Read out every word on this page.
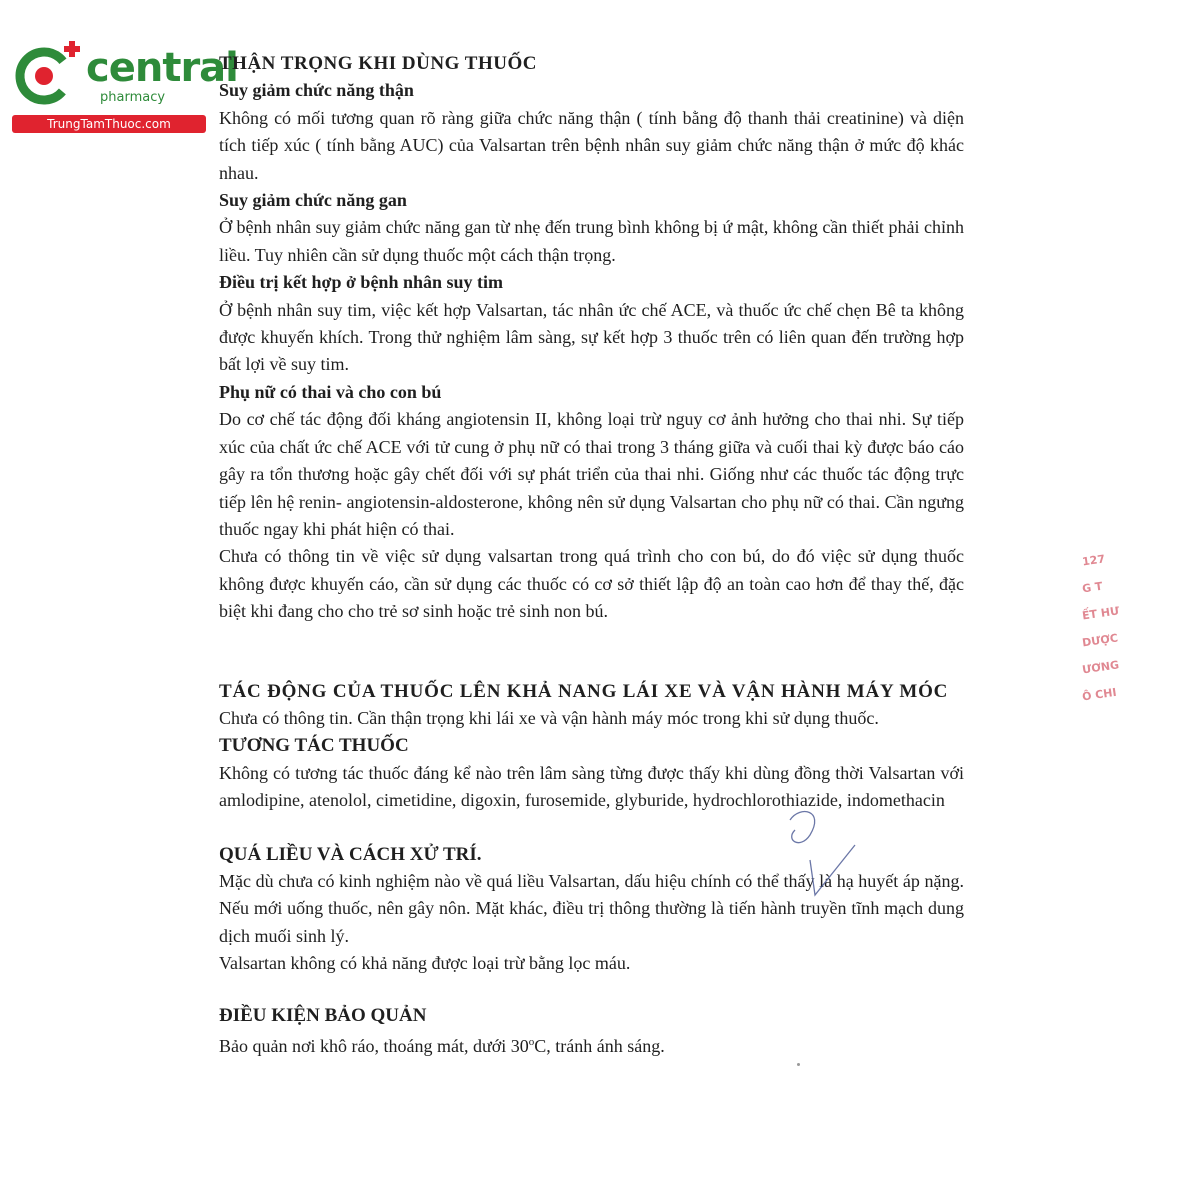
central
pharmacy
TrungTamThuoc.com

THẬN TRỌNG KHI DÙNG THUỐC

Suy giảm chức năng thận

Không có mối tương quan rõ ràng giữa chức năng thận ( tính bằng độ thanh thải creatinine) và diện tích tiếp xúc ( tính bằng AUC) của Valsartan trên bệnh nhân suy giảm chức năng thận ở mức độ khác nhau.

Suy giảm chức năng gan

Ở bệnh nhân suy giảm chức năng gan từ nhẹ đến trung bình không bị ứ mật, không cần thiết phải chỉnh liều. Tuy nhiên cần sử dụng thuốc một cách thận trọng.

Điều trị kết hợp ở bệnh nhân suy tim

Ở bệnh nhân suy tim, việc kết hợp Valsartan, tác nhân ức chế ACE, và thuốc ức chế chẹn Bê ta không được khuyến khích. Trong thử nghiệm lâm sàng, sự kết hợp 3 thuốc trên có liên quan đến trường hợp bất lợi về suy tim.

Phụ nữ có thai và cho con bú

Do cơ chế tác động đối kháng angiotensin II, không loại trừ nguy cơ ảnh hưởng cho thai nhi. Sự tiếp xúc của chất ức chế ACE với tử cung ở phụ nữ có thai trong 3 tháng giữa và cuối thai kỳ được báo cáo gây ra tổn thương hoặc gây chết đối với sự phát triển của thai nhi. Giống như các thuốc tác động trực tiếp lên hệ renin- angiotensin-aldosterone, không nên sử dụng Valsartan cho phụ nữ có thai. Cần ngưng thuốc ngay khi phát hiện có thai.

Chưa có thông tin về việc sử dụng valsartan trong quá trình cho con bú, do đó việc sử dụng thuốc không được khuyến cáo, cần sử dụng các thuốc có cơ sở thiết lập độ an toàn cao hơn để thay thế, đặc biệt khi đang cho cho trẻ sơ sinh hoặc trẻ sinh non bú.

TÁC ĐỘNG CỦA THUỐC LÊN KHẢ NANG LÁI XE VÀ VẬN HÀNH MÁY MÓC

Chưa có thông tin. Cần thận trọng khi lái xe và vận hành máy móc trong khi sử dụng thuốc.

TƯƠNG TÁC THUỐC

Không có tương tác thuốc đáng kể nào trên lâm sàng từng được thấy khi dùng đồng thời Valsartan với amlodipine, atenolol, cimetidine, digoxin, furosemide, glyburide, hydrochlorothiazide, indomethacin

QUÁ LIỀU VÀ CÁCH XỬ TRÍ.

Mặc dù chưa có kinh nghiệm nào về quá liều Valsartan, dấu hiệu chính có thể thấy là hạ huyết áp nặng. Nếu mới uống thuốc, nên gây nôn. Mặt khác, điều trị thông thường là tiến hành truyền tĩnh mạch dung dịch muối sinh lý.

Valsartan không có khả năng được loại trừ bằng lọc máu.

ĐIỀU KIỆN BẢO QUẢN

Bảo quản nơi khô ráo, thoáng mát, dưới 30$^o$C, tránh ánh sáng.

127
G T
ẾT HƯ
DƯỢC
ƯƠNG
Ô CHI
